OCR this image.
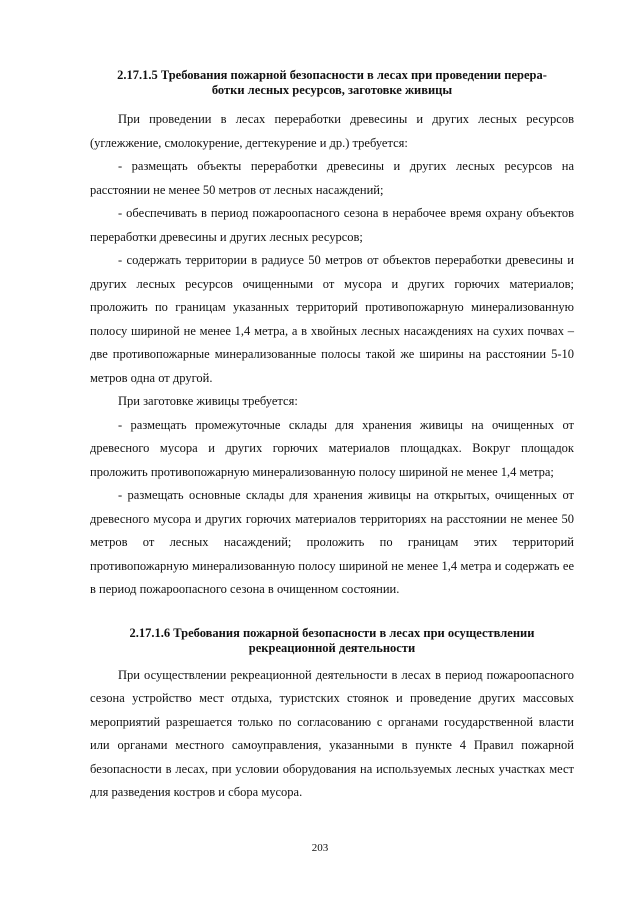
2.17.1.5 Требования пожарной безопасности в лесах при проведении перера-
ботки лесных ресурсов, заготовке живицы

При проведении в лесах переработки древесины и других лесных ресурсов (углежжение, смолокурение, дегтекурение и др.) требуется:

- размещать объекты переработки древесины и других лесных ресурсов на расстоянии не менее 50 метров от лесных насаждений;

- обеспечивать в период пожароопасного сезона в нерабочее время охрану объектов переработки древесины и других лесных ресурсов;

- содержать территории в радиусе 50 метров от объектов переработки древесины и других лесных ресурсов очищенными от мусора и других горючих материалов; проложить по границам указанных территорий противопожарную минерализованную полосу шириной не менее 1,4 метра, а в хвойных лесных насаждениях на сухих почвах – две противопожарные минерализованные полосы такой же ширины на расстоянии 5-10 метров одна от другой.

При заготовке живицы требуется:

- размещать промежуточные склады для хранения живицы на очищенных от древесного мусора и других горючих материалов площадках. Вокруг площадок проложить противопожарную минерализованную полосу шириной не менее 1,4 метра;

- размещать основные склады для хранения живицы на открытых, очищенных от древесного мусора и других горючих материалов территориях на расстоянии не менее 50 метров от лесных насаждений; проложить по границам этих территорий противопожарную минерализованную полосу шириной не менее 1,4 метра и содержать ее в период пожароопасного сезона в очищенном состоянии.

2.17.1.6 Требования пожарной безопасности в лесах при осуществлении
рекреационной деятельности

При осуществлении рекреационной деятельности в лесах в период пожароопасного сезона устройство мест отдыха, туристских стоянок и проведение других массовых мероприятий разрешается только по согласованию с органами государственной власти или органами местного самоуправления, указанными в пункте 4 Правил пожарной безопасности в лесах, при условии оборудования на используемых лесных участках мест для разведения костров и сбора мусора.

203
